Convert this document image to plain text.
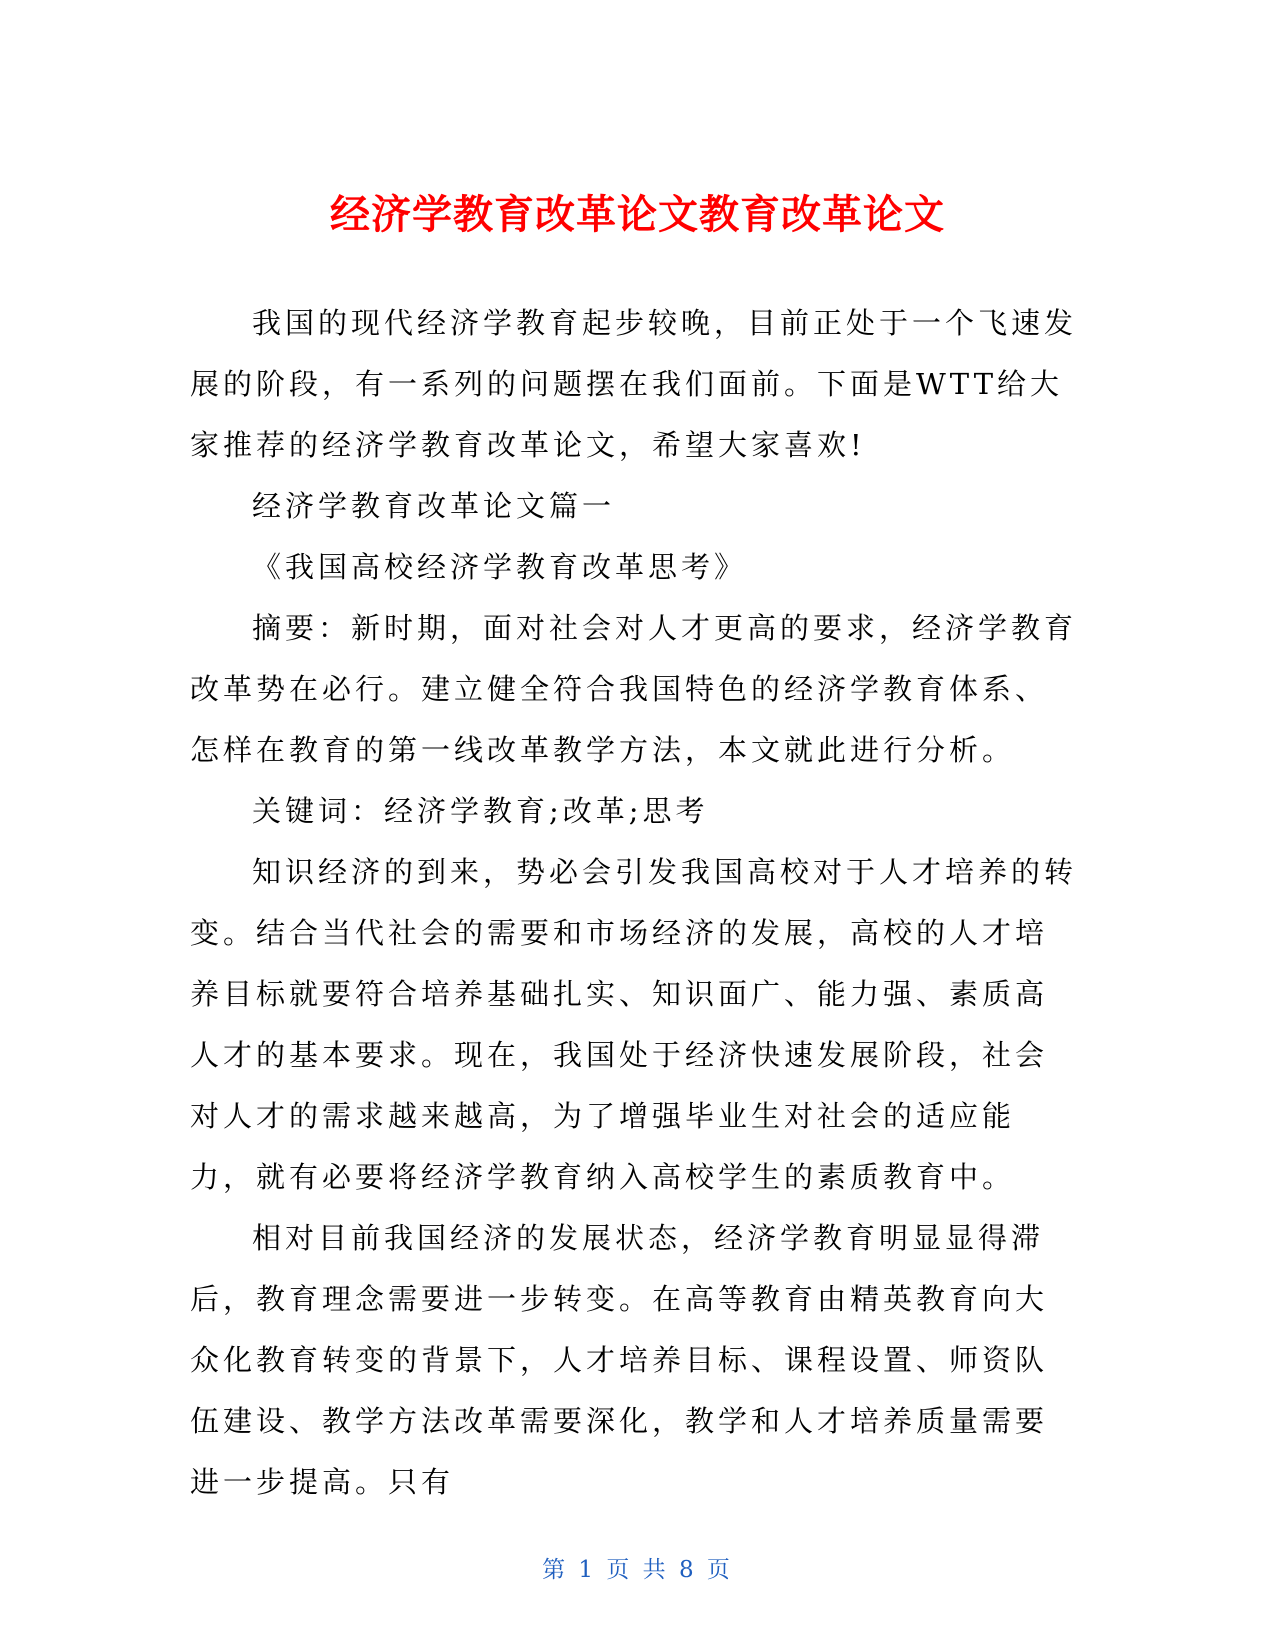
经济学教育改革论文教育改革论文

我国的现代经济学教育起步较晚，目前正处于一个飞速发展的阶段，有一系列的问题摆在我们面前。下面是WTT给大家推荐的经济学教育改革论文，希望大家喜欢!

经济学教育改革论文篇一

《我国高校经济学教育改革思考》

摘要：新时期，面对社会对人才更高的要求，经济学教育改革势在必行。建立健全符合我国特色的经济学教育体系、怎样在教育的第一线改革教学方法，本文就此进行分析。

关键词：经济学教育;改革;思考

知识经济的到来，势必会引发我国高校对于人才培养的转变。结合当代社会的需要和市场经济的发展，高校的人才培养目标就要符合培养基础扎实、知识面广、能力强、素质高人才的基本要求。现在，我国处于经济快速发展阶段，社会对人才的需求越来越高，为了增强毕业生对社会的适应能力，就有必要将经济学教育纳入高校学生的素质教育中。

相对目前我国经济的发展状态，经济学教育明显显得滞后，教育理念需要进一步转变。在高等教育由精英教育向大众化教育转变的背景下，人才培养目标、课程设置、师资队伍建设、教学方法改革需要深化，教学和人才培养质量需要进一步提高。只有

第 1 页 共 8 页
